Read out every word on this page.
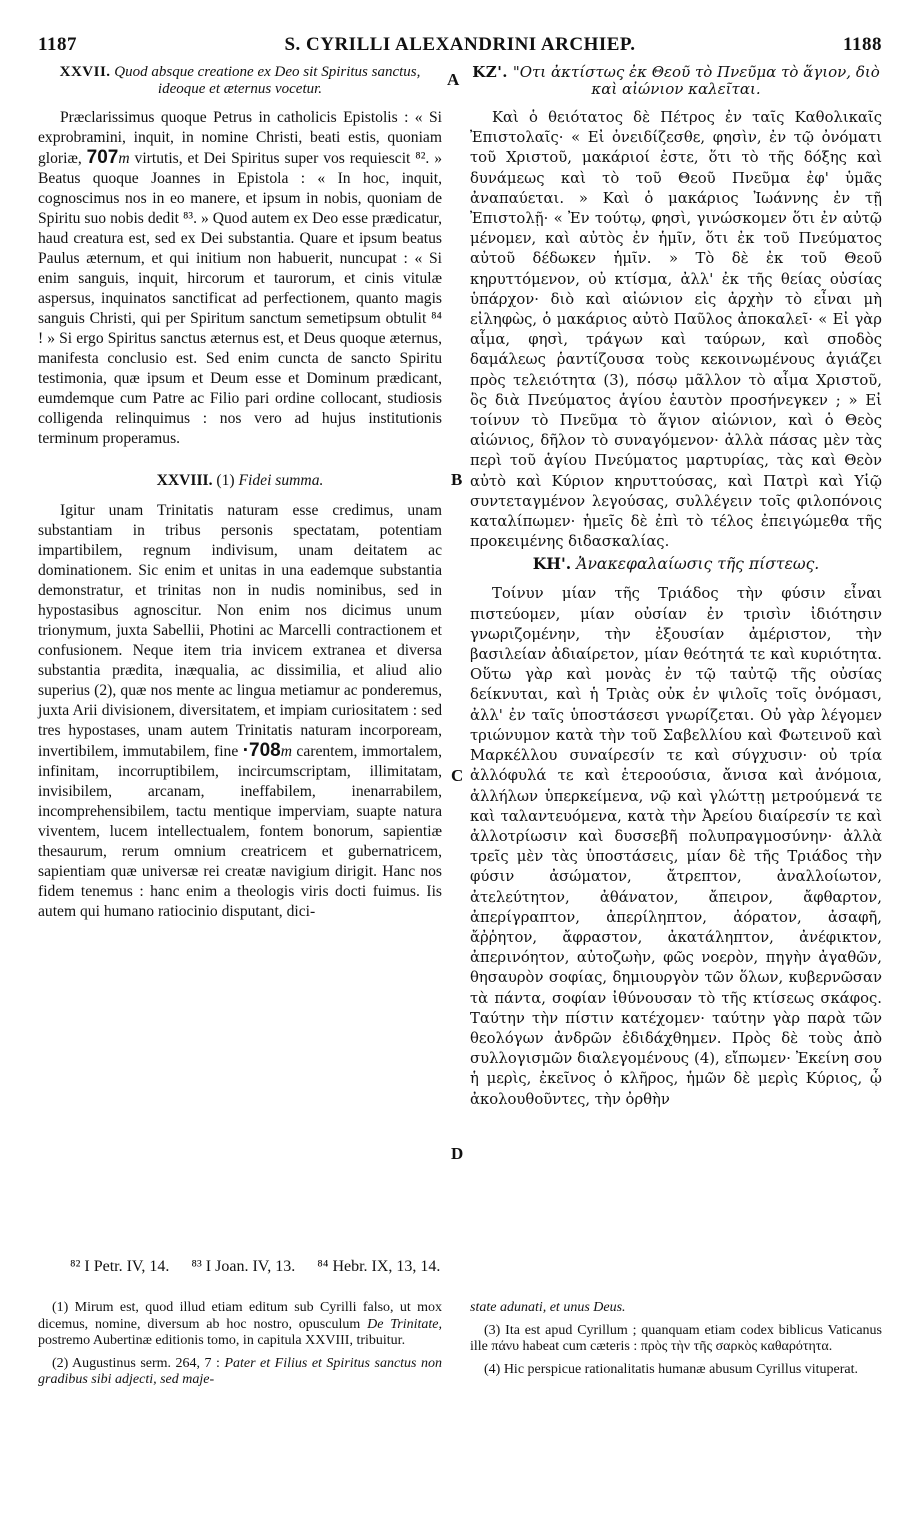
1187	S. CYRILLI ALEXANDRINI ARCHIEP.	1188
XXVII. Quod absque creatione ex Deo sit Spiritus sanctus, ideoque et æternus vocetur.

Præclarissimus quoque Petrus in catholicis Epistolis : « Si exprobramini, inquit, in nomine Christi, beati estis, quoniam gloriæ, 707m virtutis, et Dei Spiritus super vos requiescit ⁸². » Beatus quoque Joannes in Epistola : « In hoc, inquit, cognoscimus nos in eo manere, et ipsum in nobis, quoniam de Spiritu suo nobis dedit ⁸³. » Quod autem ex Deo esse prædicatur, haud creatura est, sed ex Dei substantia. Quare et ipsum beatus Paulus æternum, et qui initium non habuerit, nuncupat : « Si enim sanguis, inquit, hircorum et taurorum, et cinis vitulæ aspersus, inquinatos sanctificat ad perfectionem, quanto magis sanguis Christi, qui per Spiritum sanctum semetipsum obtulit ⁸⁴ ! » Si ergo Spiritus sanctus æternus est, et Deus quoque æternus, manifesta conclusio est. Sed enim cuncta de sancto Spiritu testimonia, quæ ipsum et Deum esse et Dominum prædicant, eumdemque cum Patre ac Filio pari ordine collocant, studiosis colligenda relinquimus : nos vero ad hujus institutionis terminum properamus.

XXVIII. (1) Fidei summa.

Igitur unam Trinitatis naturam esse credimus, unam substantiam in tribus personis spectatam, potentiam impartibilem, regnum indivisum, unam deitatem ac dominationem. Sic enim et unitas in una eademque substantia demonstratur, et trinitas non in nudis nominibus, sed in hypostasibus agnoscitur. Non enim nos dicimus unum trionymum, juxta Sabellii, Photini ac Marcelli contractionem et confusionem. Neque item tria invicem extranea et diversa substantia prædita, inæqualia, ac dissimilia, et aliud alio superius (2), quæ nos mente ac lingua metiamur ac ponderemus, juxta Arii divisionem, diversitatem, et impiam curiositatem : sed tres hypostases, unam autem Trinitatis naturam incorpoream, invertibilem, immutabilem, fine ·708m carentem, immortalem, infinitam, incorruptibilem, incircumscriptam, illimitatam, invisibilem, arcanam, ineffabilem, inenarrabilem, incomprehensibilem, tactu mentique imperviam, suapte natura viventem, lucem intellectualem, fontem bonorum, sapientiæ thesaurum, rerum omnium creatricem et gubernatricem, sapientiam quæ universæ rei creatæ navigium dirigit. Hanc nos fidem tenemus : hanc enim a theologis viris docti fuimus. Iis autem qui humano ratiocinio disputant, dici-

A
B
C
D
KZ'. "Οτι ἀκτίστως ἐκ Θεοῦ τὸ Πνεῦμα τὸ ἅγιον, διὸ καὶ αἰώνιον καλεῖται.

Καὶ ὁ θειότατος δὲ Πέτρος ἐν ταῖς Καθολικαῖς Ἐπιστολαῖς· « Εἰ ὀνειδίζεσθε, φησὶν, ἐν τῷ ὀνόματι τοῦ Χριστοῦ, μακάριοί ἐστε, ὅτι τὸ τῆς δόξης καὶ δυνάμεως καὶ τὸ τοῦ Θεοῦ Πνεῦμα ἐφ' ὑμᾶς ἀναπαύεται. » Καὶ ὁ μακάριος Ἰωάννης ἐν τῇ Ἐπιστολῇ· « Ἐν τούτῳ, φησὶ, γινώσκομεν ὅτι ἐν αὐτῷ μένομεν, καὶ αὐτὸς ἐν ἡμῖν, ὅτι ἐκ τοῦ Πνεύματος αὐτοῦ δέδωκεν ἡμῖν. » Τὸ δὲ ἐκ τοῦ Θεοῦ κηρυττόμενον, οὐ κτίσμα, ἀλλ' ἐκ τῆς θείας οὐσίας ὑπάρχον· διὸ καὶ αἰώνιον εἰς ἀρχὴν τὸ εἶναι μὴ εἰληφὼς, ὁ μακάριος αὐτὸ Παῦλος ἀποκαλεῖ· « Εἰ γὰρ αἷμα, φησὶ, τράγων καὶ ταύρων, καὶ σποδὸς δαμάλεως ῥαντίζουσα τοὺς κεκοινωμένους ἁγιάζει πρὸς τελειότητα (3), πόσῳ μᾶλλον τὸ αἷμα Χριστοῦ, ὃς διὰ Πνεύματος ἁγίου ἑαυτὸν προσήνεγκεν ; » Εἰ τοίνυν τὸ Πνεῦμα τὸ ἅγιον αἰώνιον, καὶ ὁ Θεὸς αἰώνιος, δῆλον τὸ συναγόμενον· ἀλλὰ πάσας μὲν τὰς περὶ τοῦ ἁγίου Πνεύματος μαρτυρίας, τὰς καὶ Θεὸν αὐτὸ καὶ Κύριον κηρυττούσας, καὶ Πατρὶ καὶ Υἱῷ συντεταγμένον λεγούσας, συλλέγειν τοῖς φιλοπόνοις καταλίπωμεν· ἡμεῖς δὲ ἐπὶ τὸ τέλος ἐπειγώμεθα τῆς προκειμένης διδασκαλίας.

KH'. Ἀνακεφαλαίωσις τῆς πίστεως.

Τοίνυν μίαν τῆς Τριάδος τὴν φύσιν εἶναι πιστεύομεν, μίαν οὐσίαν ἐν τρισὶν ἰδιότησιν γνωριζομένην, τὴν ἐξουσίαν ἀμέριστον, τὴν βασιλείαν ἀδιαίρετον, μίαν θεότητά τε καὶ κυριότητα. Οὕτω γὰρ καὶ μονὰς ἐν τῷ ταὐτῷ τῆς οὐσίας δείκνυται, καὶ ἡ Τριὰς οὐκ ἐν ψιλοῖς τοῖς ὀνόμασι, ἀλλ' ἐν ταῖς ὑποστάσεσι γνωρίζεται. Οὐ γὰρ λέγομεν τριώνυμον κατὰ τὴν τοῦ Σαβελλίου καὶ Φωτεινοῦ καὶ Μαρκέλλου συναίρεσίν τε καὶ σύγχυσιν· οὐ τρία ἀλλόφυλά τε καὶ ἑτεροούσια, ἄνισα καὶ ἀνόμοια, ἀλλήλων ὑπερκείμενα, νῷ καὶ γλώττῃ μετρούμενά τε καὶ ταλαντευόμενα, κατὰ τὴν Ἀρείου διαίρεσίν τε καὶ ἀλλοτρίωσιν καὶ δυσσεβῆ πολυπραγμοσύνην· ἀλλὰ τρεῖς μὲν τὰς ὑποστάσεις, μίαν δὲ τῆς Τριάδος τὴν φύσιν ἀσώματον, ἄτρεπτον, ἀναλλοίωτον, ἀτελεύτητον, ἀθάνατον, ἄπειρον, ἄφθαρτον, ἀπερίγραπτον, ἀπερίληπτον, ἀόρατον, ἀσαφῆ, ἄῤῥητον, ἄφραστον, ἀκατάληπτον, ἀνέφικτον, ἀπερινόητον, αὐτοζωὴν, φῶς νοερὸν, πηγὴν ἀγαθῶν, θησαυρὸν σοφίας, δημιουργὸν τῶν ὅλων, κυβερνῶσαν τὰ πάντα, σοφίαν ἰθύνουσαν τὸ τῆς κτίσεως σκάφος. Ταύτην τὴν πίστιν κατέχομεν· ταύτην γὰρ παρὰ τῶν θεολόγων ἀνδρῶν ἐδιδάχθημεν. Πρὸς δὲ τοὺς ἀπὸ συλλογισμῶν διαλεγομένους (4), εἴπωμεν· Ἐκείνη σου ἡ μερὶς, ἐκεῖνος ὁ κλῆρος, ἡμῶν δὲ μερὶς Κύριος, ᾧ ἀκολουθοῦντες, τὴν ὀρθὴν

⁸² I Petr. IV, 14. ⁸³ I Joan. IV, 13. ⁸⁴ Hebr. IX, 13, 14.

(1) Mirum est, quod illud etiam editum sub Cyrilli falso, ut mox dicemus, nomine, diversum ab hoc nostro, opusculum De Trinitate, postremo Aubertinæ editionis tomo, in capitula XXVIII, tribuitur.

(2) Augustinus serm. 264, 7 : Pater et Filius et Spiritus sanctus non gradibus sibi adjecti, sed maje-

state adunati, et unus Deus.

(3) Ita est apud Cyrillum ; quanquam etiam codex biblicus Vaticanus ille πάνυ habeat cum cæteris : πρὸς τὴν τῆς σαρκὸς καθαρότητα.

(4) Hic perspicue rationalitatis humanæ abusum Cyrillus vituperat.
